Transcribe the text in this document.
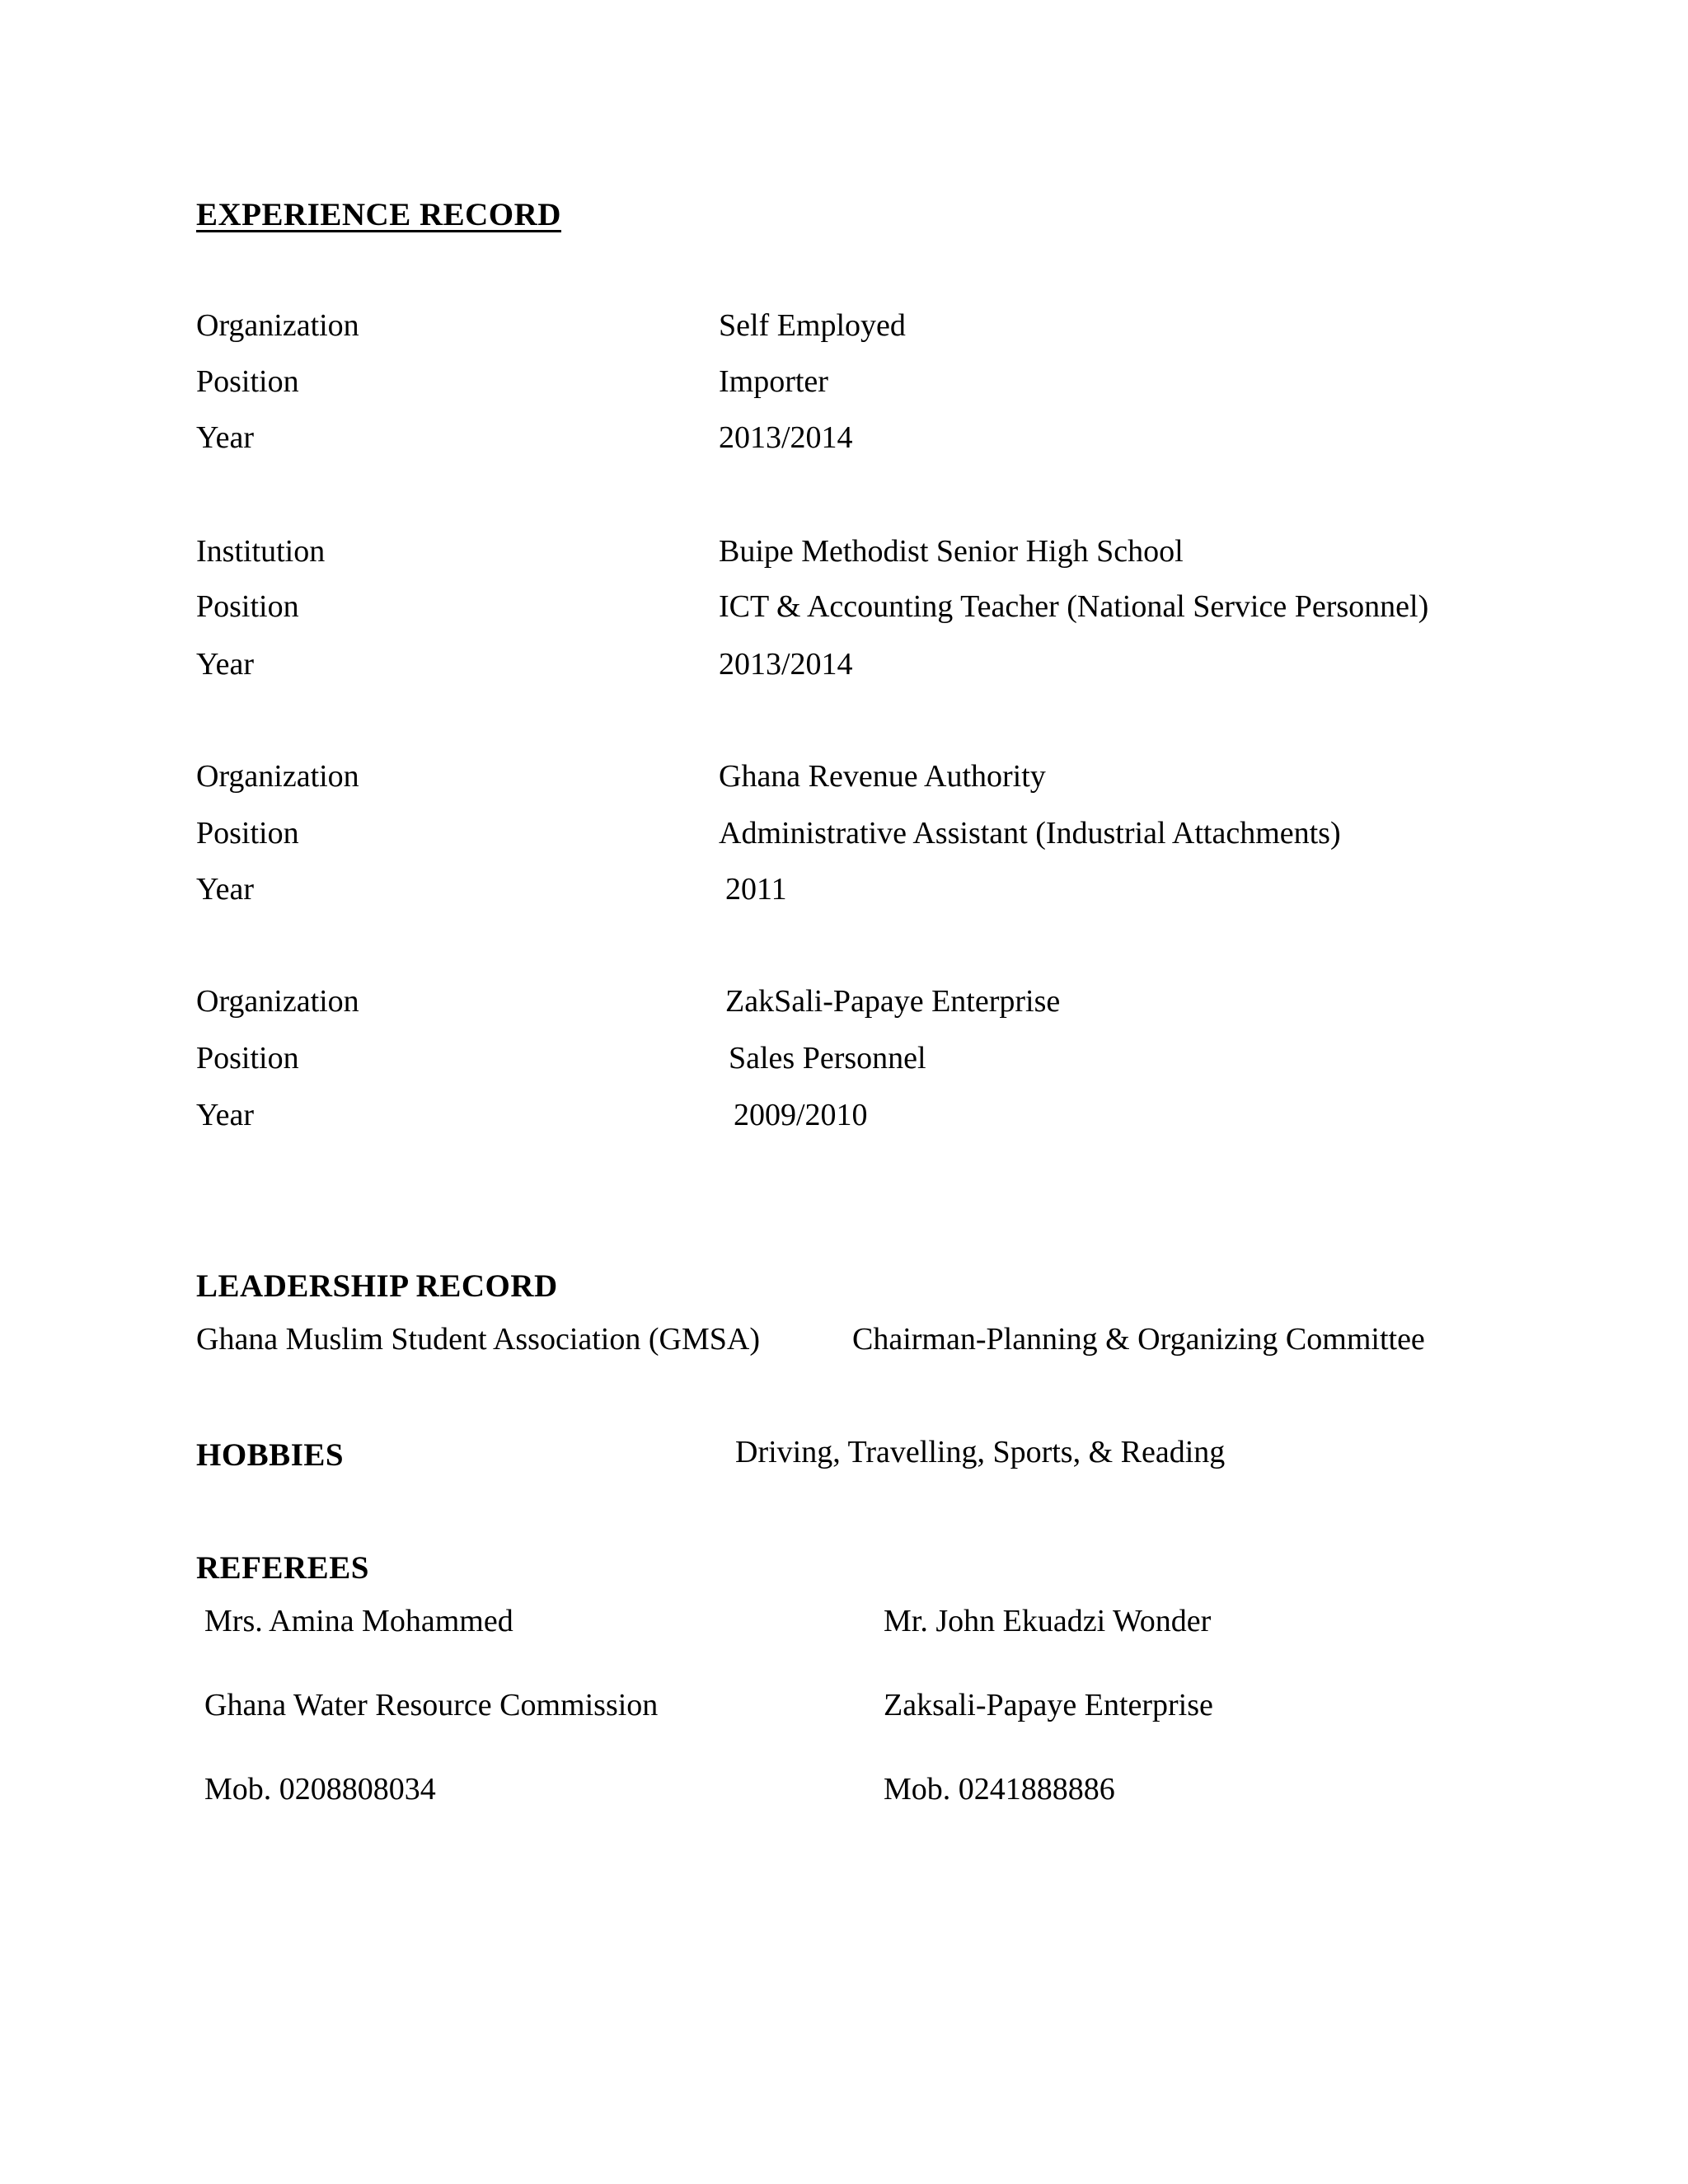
EXPERIENCE RECORD
Organization	Self Employed
Position	Importer
Year	2013/2014
Institution	Buipe Methodist Senior High School
Position	ICT & Accounting Teacher (National Service Personnel)
Year	2013/2014
Organization	Ghana Revenue Authority
Position	Administrative Assistant (Industrial Attachments)
Year	2011
Organization	ZakSali-Papaye Enterprise
Position	Sales Personnel
Year	2009/2010
LEADERSHIP RECORD
Ghana Muslim Student Association (GMSA)	Chairman-Planning & Organizing Committee
HOBBIES	Driving, Travelling, Sports, & Reading
REFEREES
Mrs. Amina Mohammed	Mr. John Ekuadzi Wonder
Ghana Water Resource Commission	Zaksali-Papaye Enterprise
Mob. 0208808034	Mob. 0241888886
